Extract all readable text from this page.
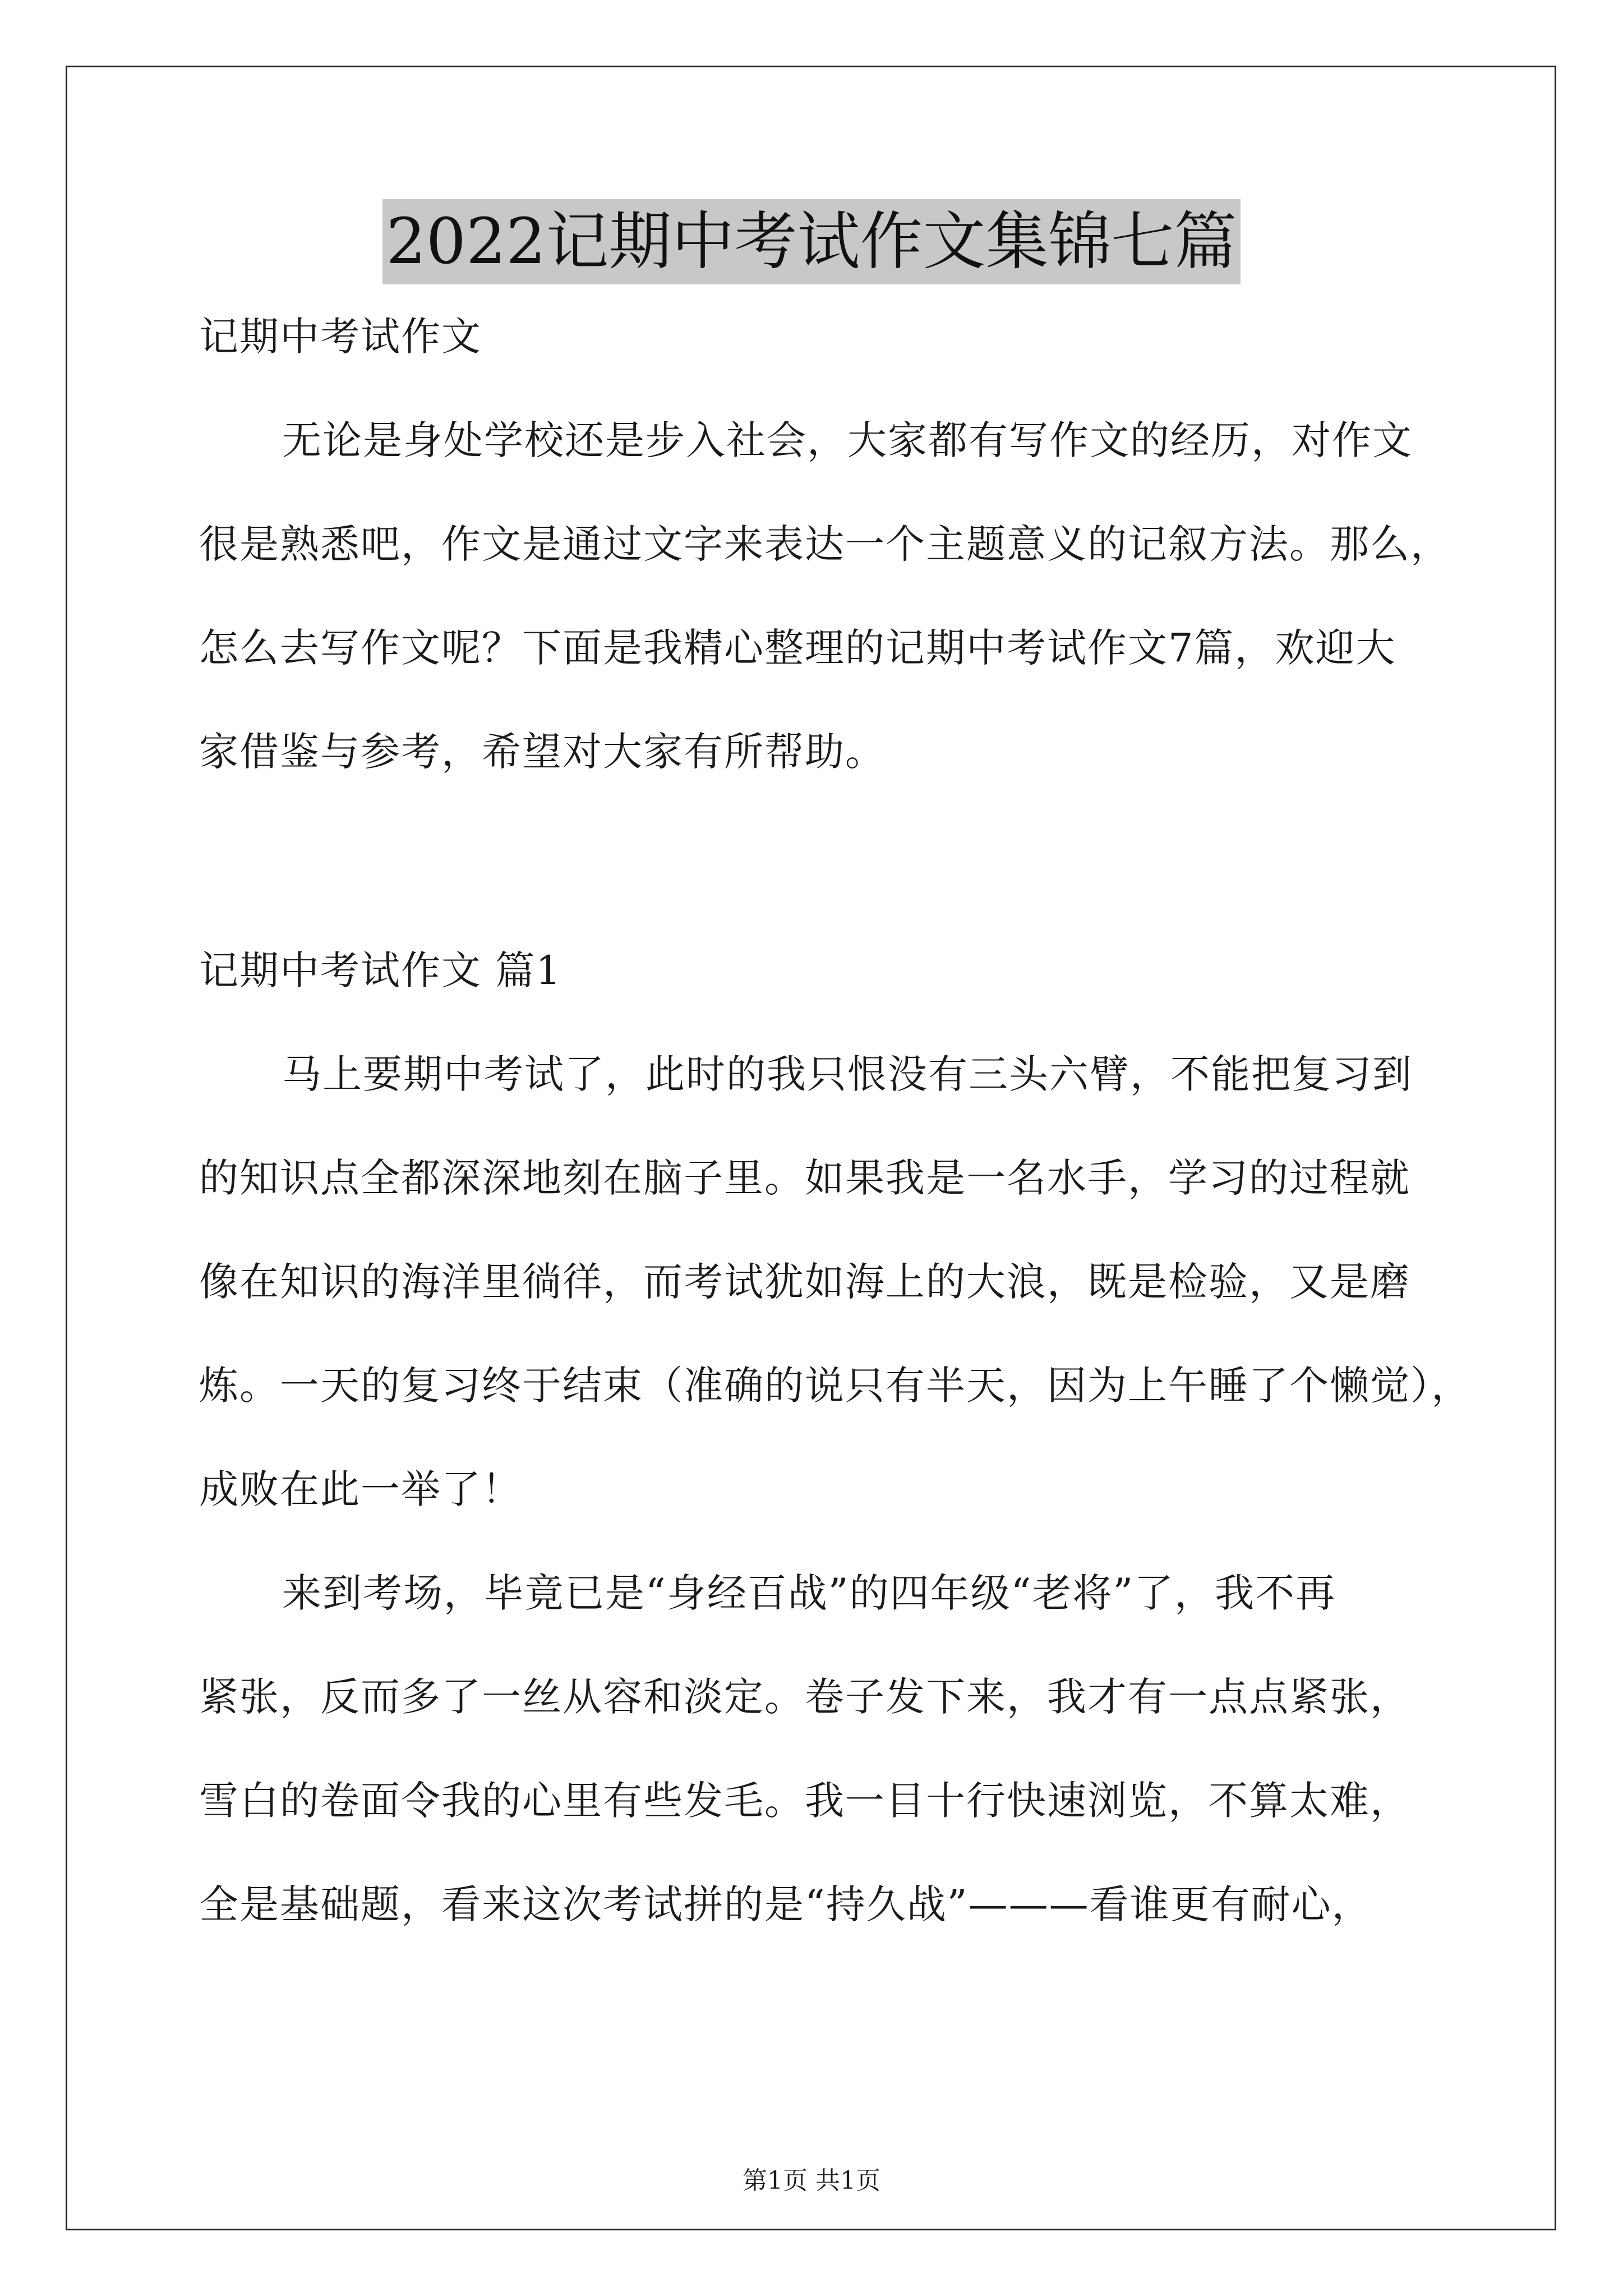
2022记期中考试作文集锦七篇

记期中考试作文

无论是身处学校还是步入社会，大家都有写作文的经历，对作文
很是熟悉吧，作文是通过文字来表达一个主题意义的记叙方法。那么，
怎么去写作文呢？下面是我精心整理的记期中考试作文7篇，欢迎大
家借鉴与参考，希望对大家有所帮助。

记期中考试作文 篇1

马上要期中考试了，此时的我只恨没有三头六臂，不能把复习到
的知识点全都深深地刻在脑子里。如果我是一名水手，学习的过程就
像在知识的海洋里徜徉，而考试犹如海上的大浪，既是检验，又是磨
炼。一天的复习终于结束（准确的说只有半天，因为上午睡了个懒觉），
成败在此一举了！

来到考场，毕竟已是“身经百战”的四年级“老将”了，我不再
紧张，反而多了一丝从容和淡定。卷子发下来，我才有一点点紧张，
雪白的卷面令我的心里有些发毛。我一目十行快速浏览，不算太难，
全是基础题，看来这次考试拼的是“持久战”———看谁更有耐心，

第1页 共1页
